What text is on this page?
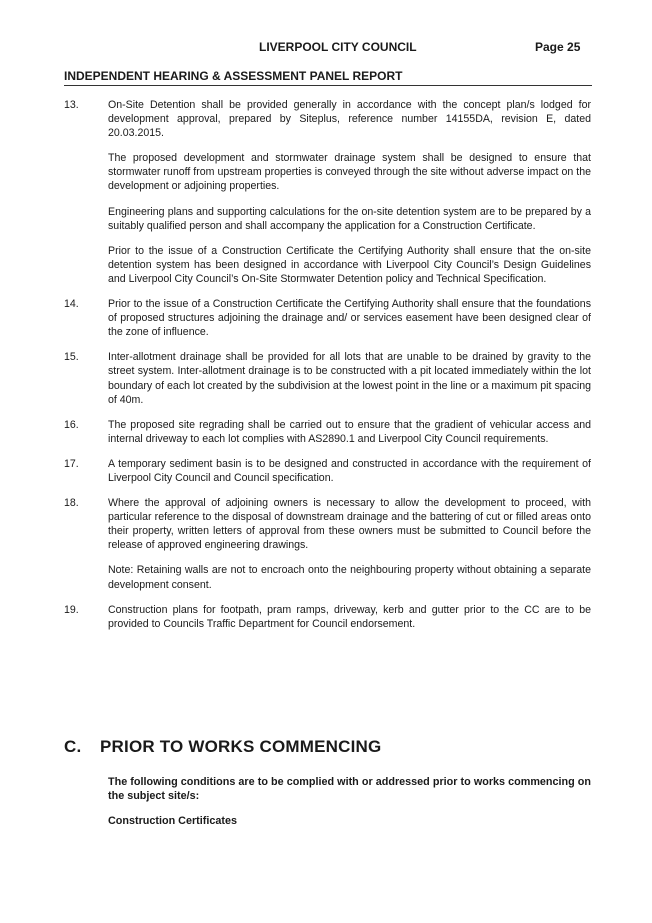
LIVERPOOL CITY COUNCIL	Page 25
INDEPENDENT HEARING & ASSESSMENT PANEL REPORT
13.	On-Site Detention shall be provided generally in accordance with the concept plan/s lodged for development approval, prepared by Siteplus, reference number 14155DA, revision E, dated 20.03.2015.

The proposed development and stormwater drainage system shall be designed to ensure that stormwater runoff from upstream properties is conveyed through the site without adverse impact on the development or adjoining properties.

Engineering plans and supporting calculations for the on-site detention system are to be prepared by a suitably qualified person and shall accompany the application for a Construction Certificate.

Prior to the issue of a Construction Certificate the Certifying Authority shall ensure that the on-site detention system has been designed in accordance with Liverpool City Council’s Design Guidelines and Liverpool City Council’s On-Site Stormwater Detention policy and Technical Specification.

14.	Prior to the issue of a Construction Certificate the Certifying Authority shall ensure that the foundations of proposed structures adjoining the drainage and/ or services easement have been designed clear of the zone of influence.

15.	Inter-allotment drainage shall be provided for all lots that are unable to be drained by gravity to the street system. Inter-allotment drainage is to be constructed with a pit located immediately within the lot boundary of each lot created by the subdivision at the lowest point in the line or a maximum pit spacing of 40m.

16.	The proposed site regrading shall be carried out to ensure that the gradient of vehicular access and internal driveway to each lot complies with AS2890.1 and Liverpool City Council requirements.

17.	A temporary sediment basin is to be designed and constructed in accordance with the requirement of Liverpool City Council and Council specification.

18.	Where the approval of adjoining owners is necessary to allow the development to proceed, with particular reference to the disposal of downstream drainage and the battering of cut or filled areas onto their property, written letters of approval from these owners must be submitted to Council before the release of approved engineering drawings.

Note: Retaining walls are not to encroach onto the neighbouring property without obtaining a separate development consent.

19.	Construction plans for footpath, pram ramps, driveway, kerb and gutter prior to the CC are to be provided to Councils Traffic Department for Council endorsement.

C.	PRIOR TO WORKS COMMENCING
The following conditions are to be complied with or addressed prior to works commencing on the subject site/s:
Construction Certificates
